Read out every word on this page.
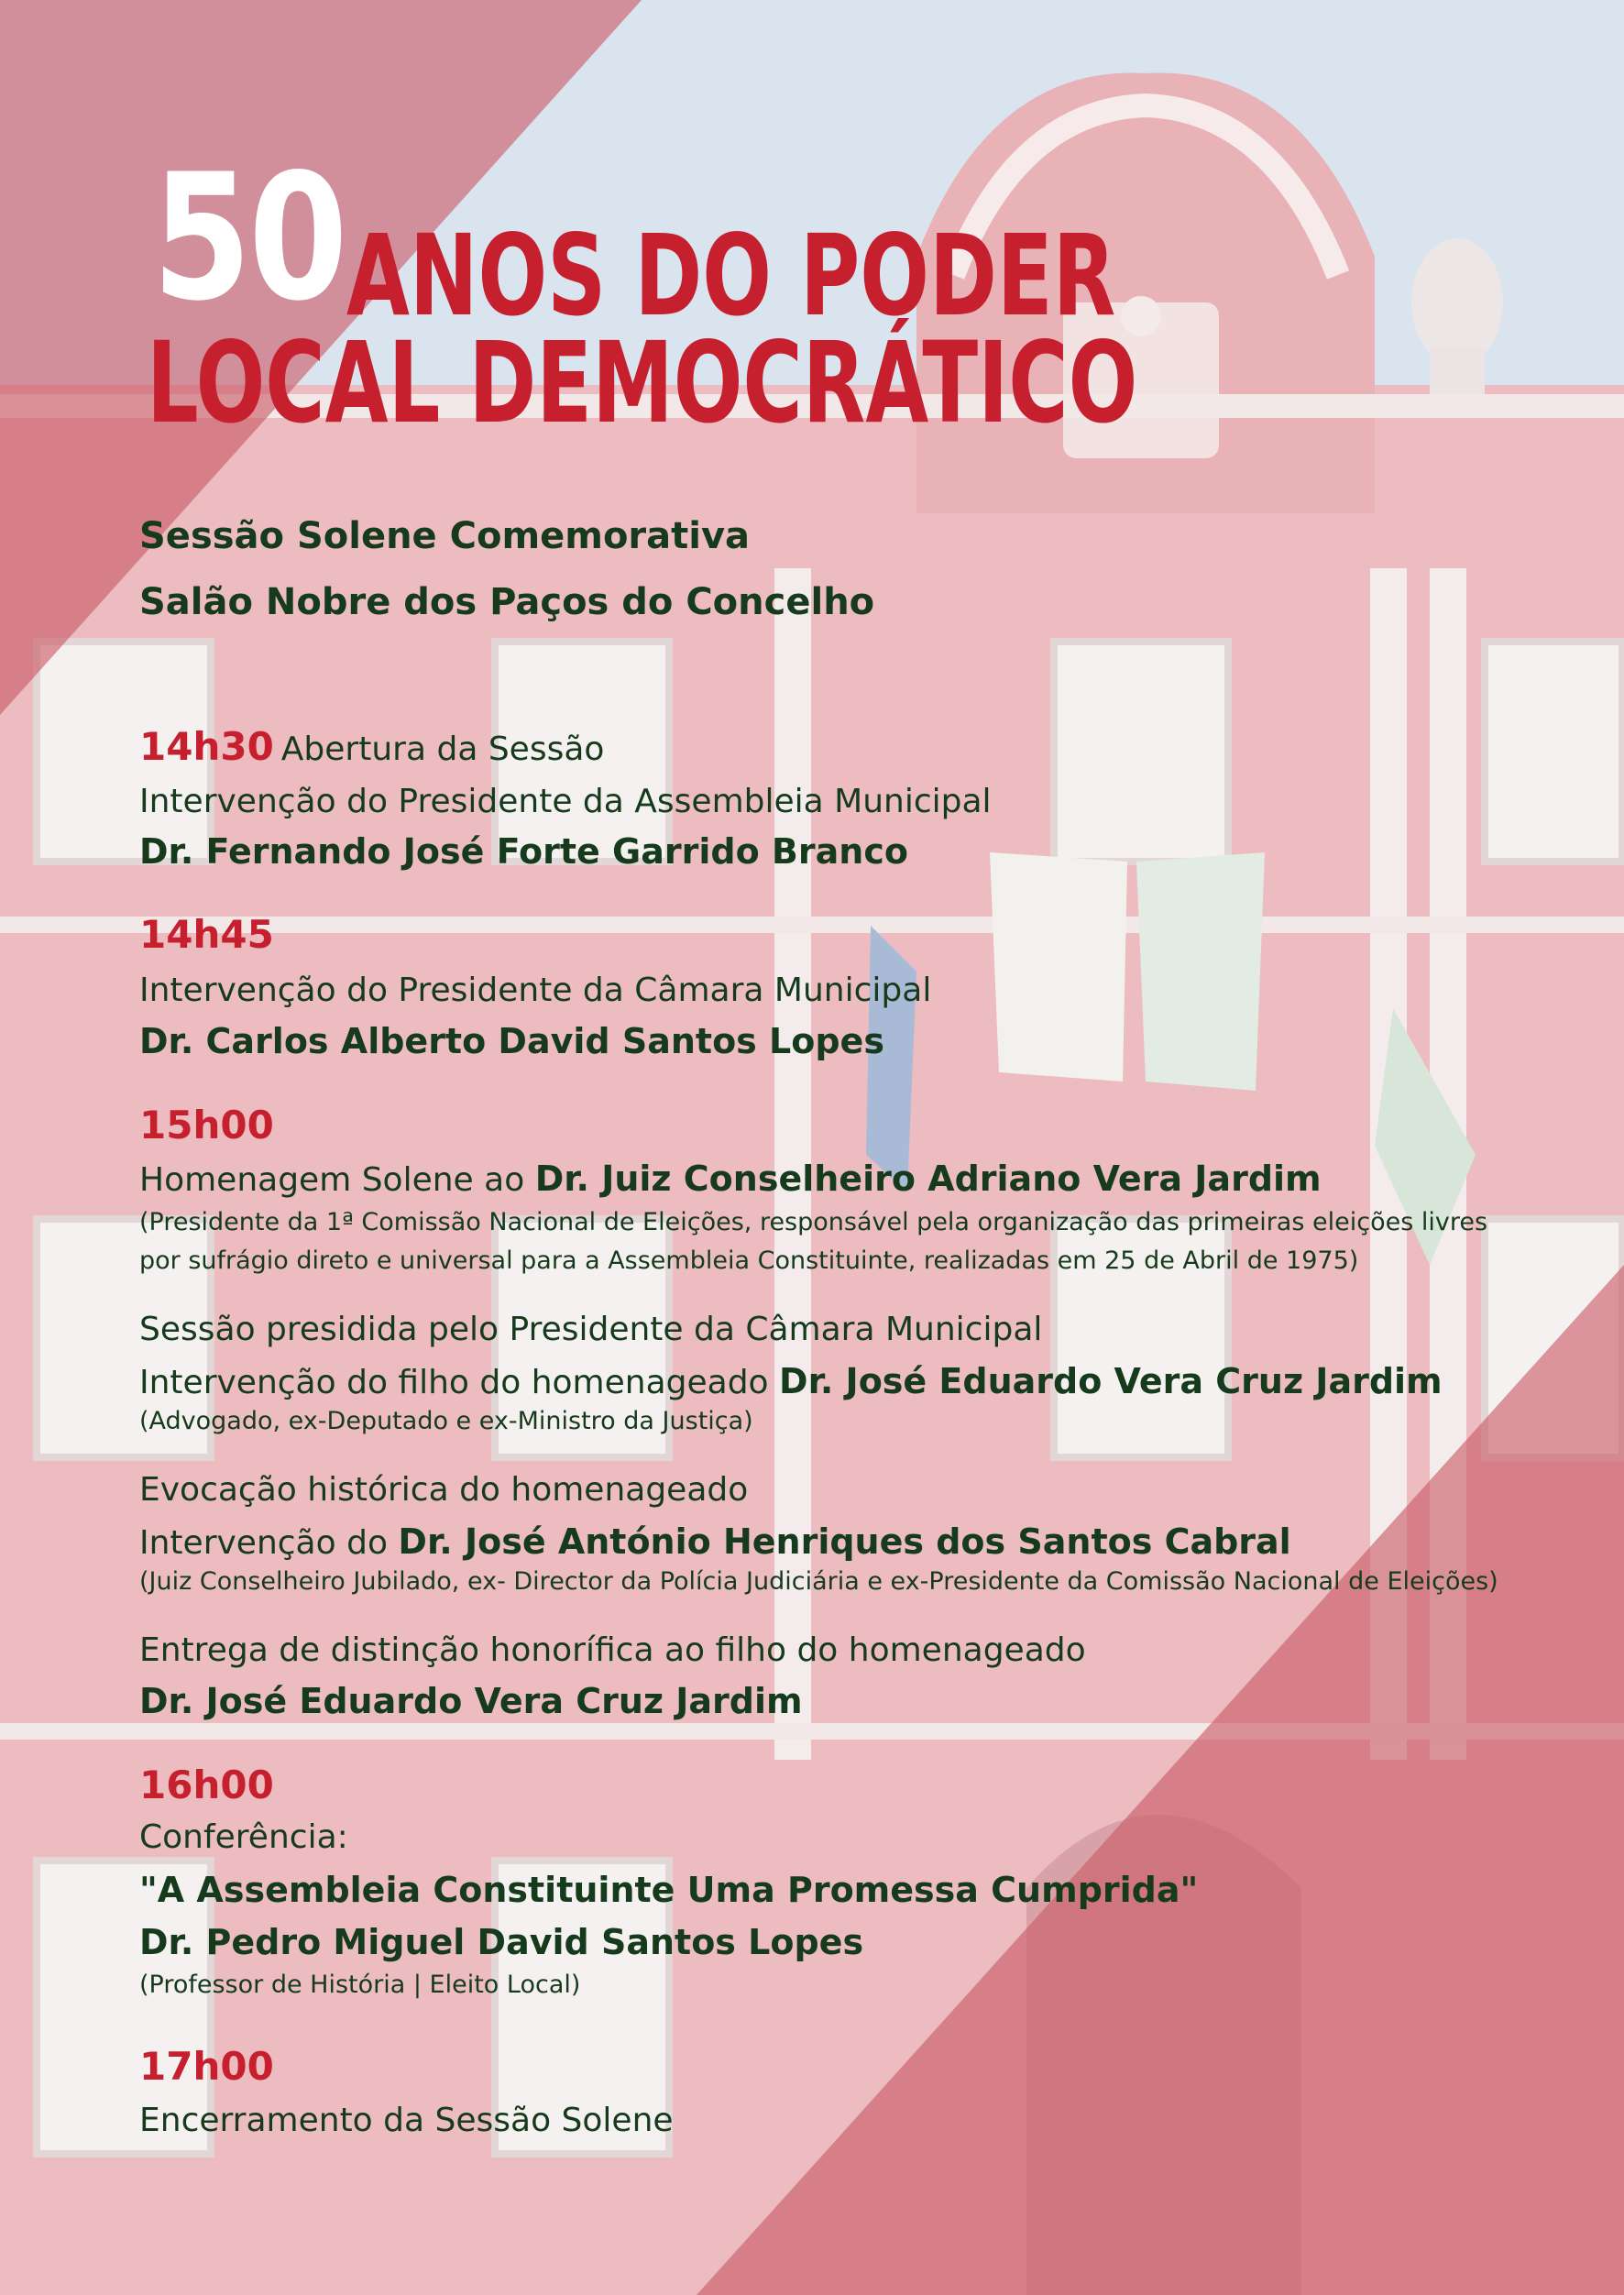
50 ANOS DO PODER
LOCAL DEMOCRÁTICO
Sessão Solene Comemorativa
Salão Nobre dos Paços do Concelho
14h30 Abertura da Sessão
Intervenção do Presidente da Assembleia Municipal
Dr. Fernando José Forte Garrido Branco
14h45
Intervenção do Presidente da Câmara Municipal
Dr. Carlos Alberto David Santos Lopes
15h00
Homenagem Solene ao Dr. Juiz Conselheiro Adriano Vera Jardim
(Presidente da 1ª Comissão Nacional de Eleições, responsável pela organização das primeiras eleições livres
por sufrágio direto e universal para a Assembleia Constituinte, realizadas em 25 de Abril de 1975)
Sessão presidida pelo Presidente da Câmara Municipal
Intervenção do filho do homenageado Dr. José Eduardo Vera Cruz Jardim
(Advogado, ex-Deputado e ex-Ministro da Justiça)
Evocação histórica do homenageado
Intervenção do Dr. José António Henriques dos Santos Cabral
(Juiz Conselheiro Jubilado, ex- Director da Polícia Judiciária e ex-Presidente da Comissão Nacional de Eleições)
Entrega de distinção honorífica ao filho do homenageado
Dr. José Eduardo Vera Cruz Jardim
16h00
Conferência:
"A Assembleia Constituinte Uma Promessa Cumprida"
Dr. Pedro Miguel David Santos Lopes
(Professor de História | Eleito Local)
17h00
Encerramento da Sessão Solene
